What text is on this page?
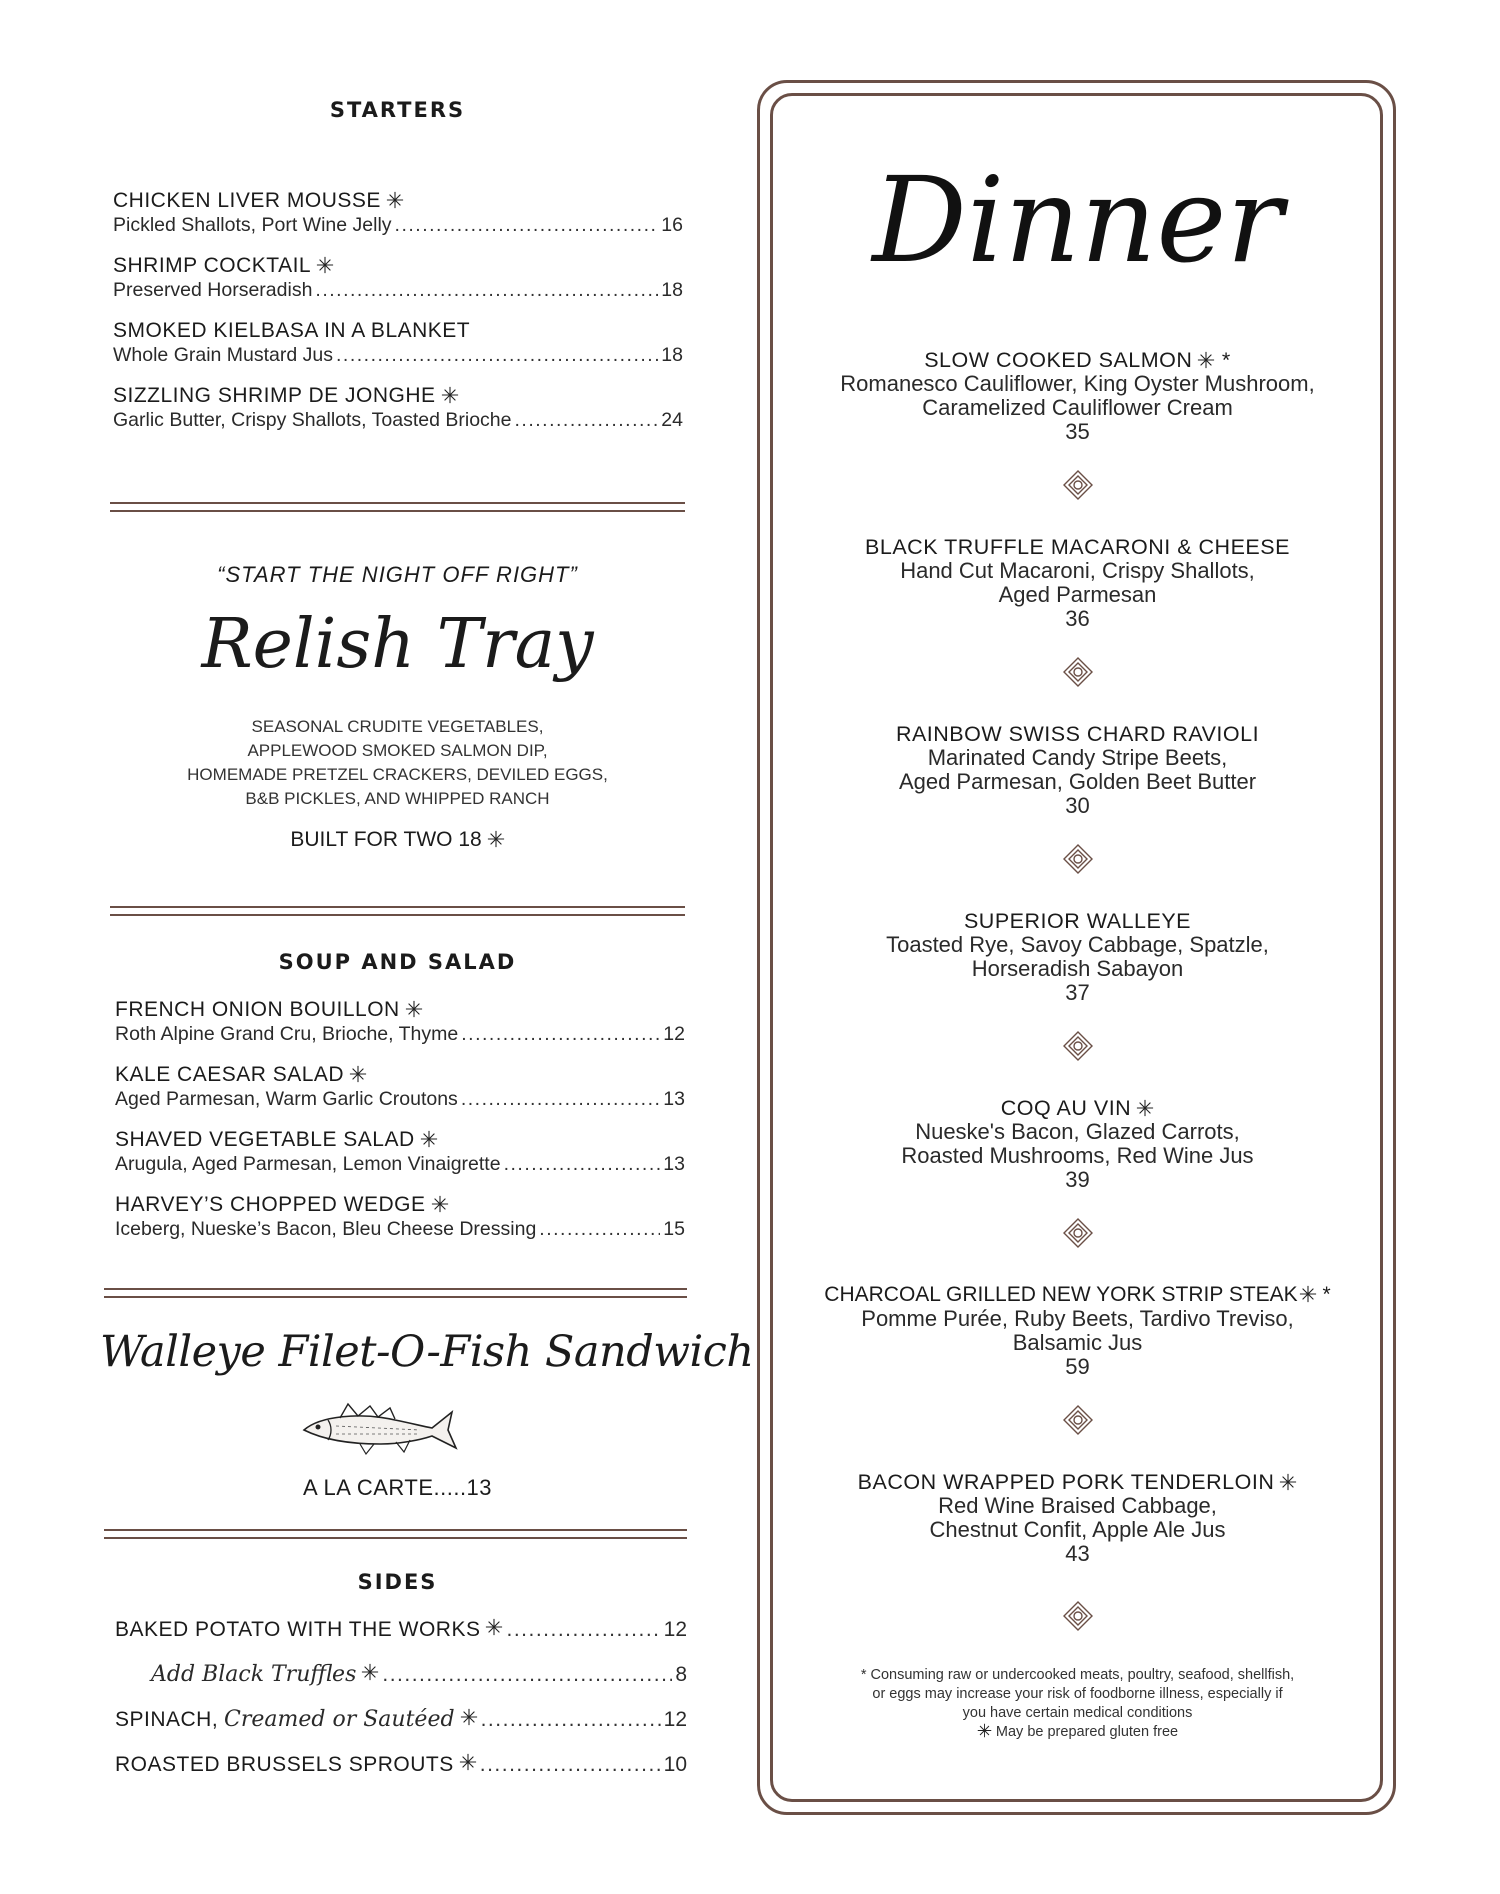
STARTERS
CHICKEN LIVER MOUSSE
Pickled Shallots, Port Wine Jelly .....	16
SHRIMP COCKTAIL
Preserved Horseradish .....	18
SMOKED KIELBASA IN A BLANKET
Whole Grain Mustard Jus .....	18
SIZZLING SHRIMP DE JONGHE
Garlic Butter, Crispy Shallots, Toasted Brioche .....	24
“START THE NIGHT OFF RIGHT”
Relish Tray
SEASONAL CRUDITE VEGETABLES,
APPLEWOOD SMOKED SALMON DIP,
HOMEMADE PRETZEL CRACKERS, DEVILED EGGS,
B&B PICKLES, AND WHIPPED RANCH
BUILT FOR TWO 18
SOUP AND SALAD
FRENCH ONION BOUILLON
Roth Alpine Grand Cru, Brioche, Thyme .....	12
KALE CAESAR SALAD
Aged Parmesan, Warm Garlic Croutons .....	13
SHAVED VEGETABLE SALAD
Arugula, Aged Parmesan, Lemon Vinaigrette .....	13
HARVEY’S CHOPPED WEDGE
Iceberg, Nueske’s Bacon, Bleu Cheese Dressing .....	15
Walleye Filet-O-Fish Sandwich
A LA CARTE.....13
SIDES
BAKED POTATO WITH THE WORKS .....	12
Add Black Truffles .....	8
SPINACH,
Creamed or Sautéed .....	12
ROASTED BRUSSELS SPROUTS .....	10
Dinner
SLOW COOKED SALMON *
Romanesco Cauliflower, King Oyster Mushroom,
Caramelized Cauliflower Cream
35
BLACK TRUFFLE MACARONI & CHEESE
Hand Cut Macaroni, Crispy Shallots,
Aged Parmesan
36
RAINBOW SWISS CHARD RAVIOLI
Marinated Candy Stripe Beets,
Aged Parmesan, Golden Beet Butter
30
SUPERIOR WALLEYE
Toasted Rye, Savoy Cabbage, Spatzle,
Horseradish Sabayon
37
COQ AU VIN
Nueske's Bacon, Glazed Carrots,
Roasted Mushrooms, Red Wine Jus
39
CHARCOAL GRILLED NEW YORK STRIP STEAK *
Pomme Purée, Ruby Beets, Tardivo Treviso,
Balsamic Jus
59
BACON WRAPPED PORK TENDERLOIN
Red Wine Braised Cabbage,
Chestnut Confit, Apple Ale Jus
43
* Consuming raw or undercooked meats, poultry, seafood, shellfish,
or eggs may increase your risk of foodborne illness, especially if
you have certain medical conditions
May be prepared gluten free
